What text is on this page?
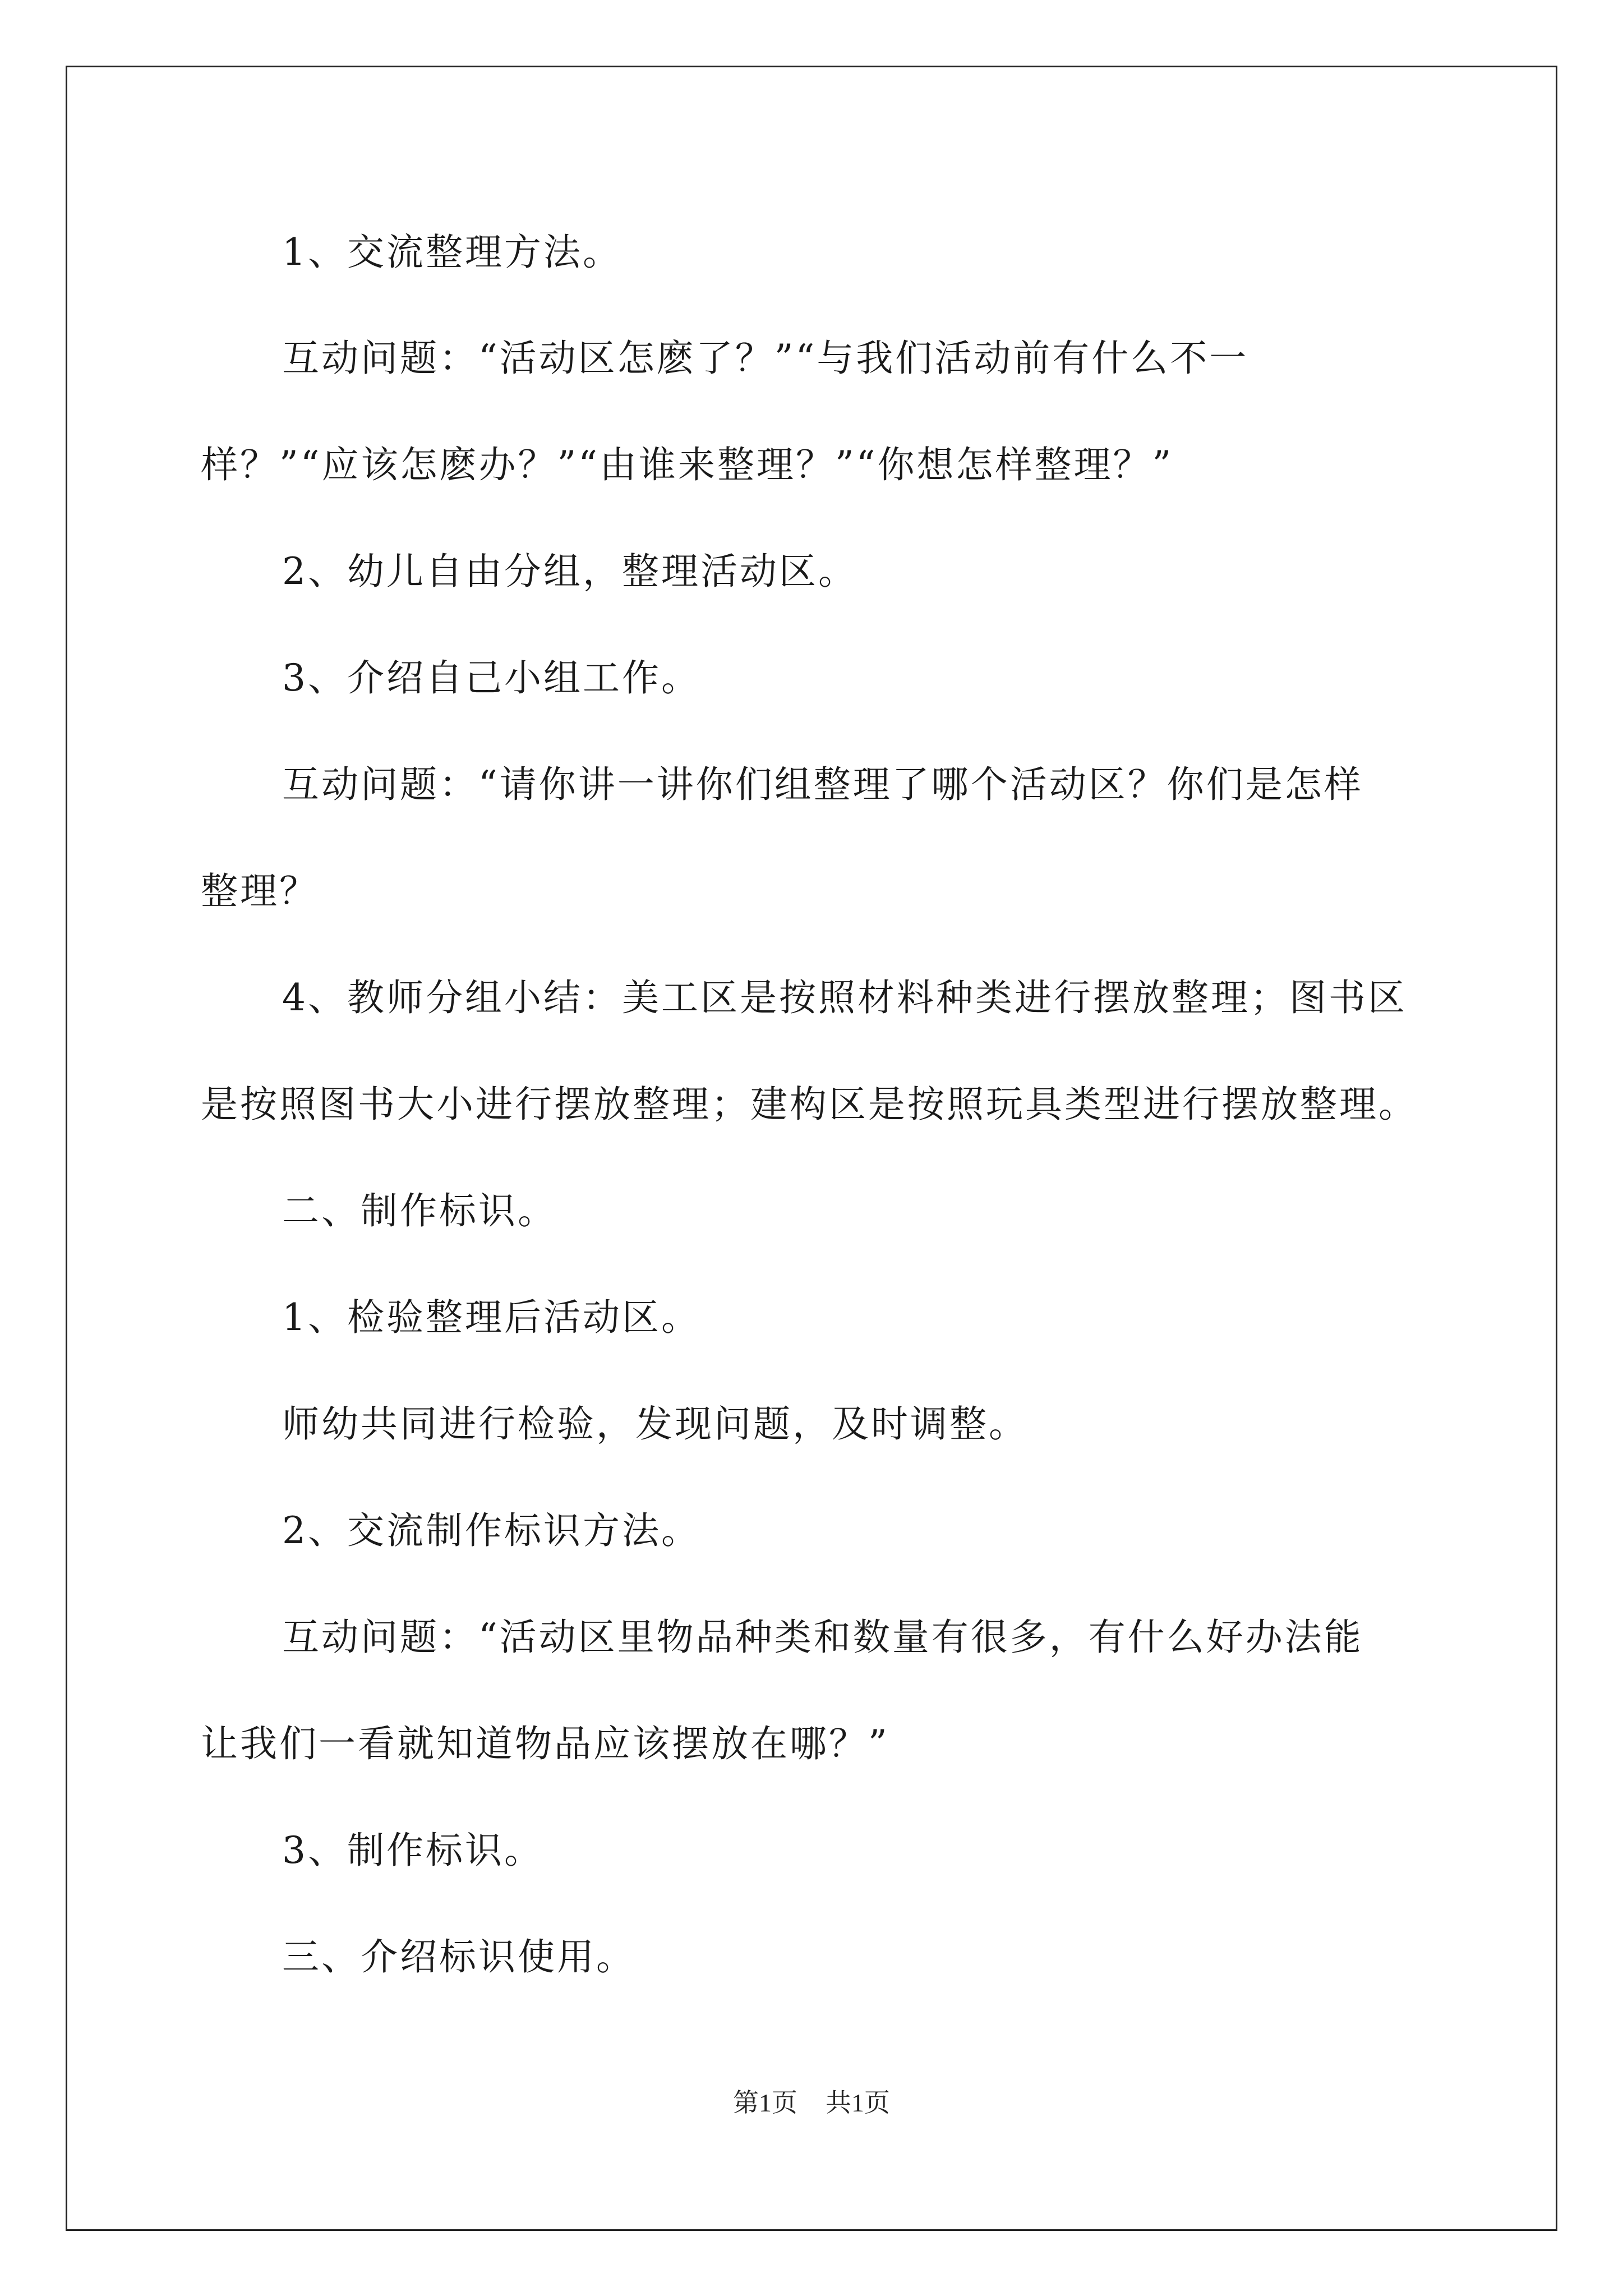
1、交流整理方法。
互动问题：“活动区怎麽了？”“与我们活动前有什么不一
样？”“应该怎麽办？”“由谁来整理？”“你想怎样整理？”
2、幼儿自由分组，整理活动区。
3、介绍自己小组工作。
互动问题：“请你讲一讲你们组整理了哪个活动区？你们是怎样
整理？
4、教师分组小结：美工区是按照材料种类进行摆放整理；图书区
是按照图书大小进行摆放整理；建构区是按照玩具类型进行摆放整理。
二、制作标识。
1、检验整理后活动区。
师幼共同进行检验，发现问题，及时调整。
2、交流制作标识方法。
互动问题：“活动区里物品种类和数量有很多，有什么好办法能
让我们一看就知道物品应该摆放在哪？”
3、制作标识。
三、介绍标识使用。
第1页 共1页
